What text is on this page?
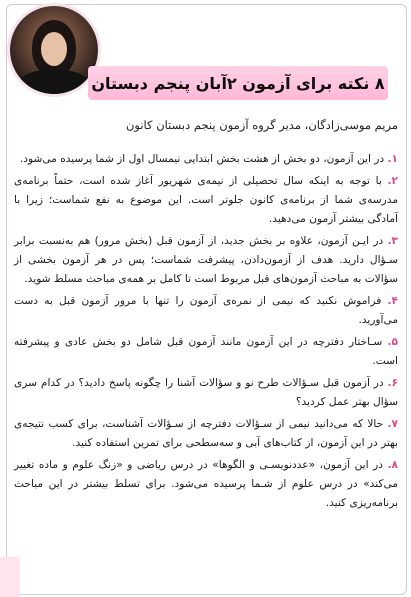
۸ نکته برای آزمون ۲آبان پنجم دبستان
مریم موسی‌زادگان، مدیر گروه آزمون پنجم دبستان کانون

۱. در این آزمون، دو بخش از هشت بخش ابتدایی نیمسال اول از شما پرسیده می‌شود.

۲. با توجه به اینکه سال تحصیلی از نیمه‌ی شهریور آغاز شده است، حتماً برنامه‌ی مدرسه‌ی شما از برنامه‌ی کانون جلوتر است. این موضوع به نفع شماست؛ زیرا با آمادگی بیشتر آزمون می‌دهید.

۳. در ایـن آزمون، علاوه بر بخش جدید، از آزمون قبل (بخش مرور) هم به‌نسبت برابر سـؤال دارید. هدف از آزمون‌دادن، پیشرفت شماست؛ پس در هر آزمون بخشی از سؤالات به مباحث آزمون‌های قبل مربوط است تا کامل بر همه‌ی مباحث مسلط شوید.

۴. فراموش نکنید که نیمی از نمره‌ی آزمون را تنها با مرور آزمون قبل به دست می‌آورید.

۵. سـاختار دفترچه در این آزمون مانند آزمون قبل شامل دو بخش عادی و پیشرفته است.

۶. در آزمون قبل سـؤالات طرح نو و سؤالات آشنا را چگونه پاسخ دادید؟ در کدام سری سؤال بهتر عمل کردید؟

۷. حالا که می‌دانید نیمی از سـؤالات دفترچه از سـؤالات آشناست، برای کسب نتیجه‌ی بهتر در این آزمون، از کتاب‌های آبی و سه‌سطحی برای تمرین استفاده کنید.

۸. در این آزمون، «عددنویسـی و الگوها» در درس ریاضی و «زنگ علوم و ماده تغییر می‌کند» در درس علوم از شـما پرسیده می‌شود. برای تسلط بیشتر در این مباحث برنامه‌ریزی کنید.
